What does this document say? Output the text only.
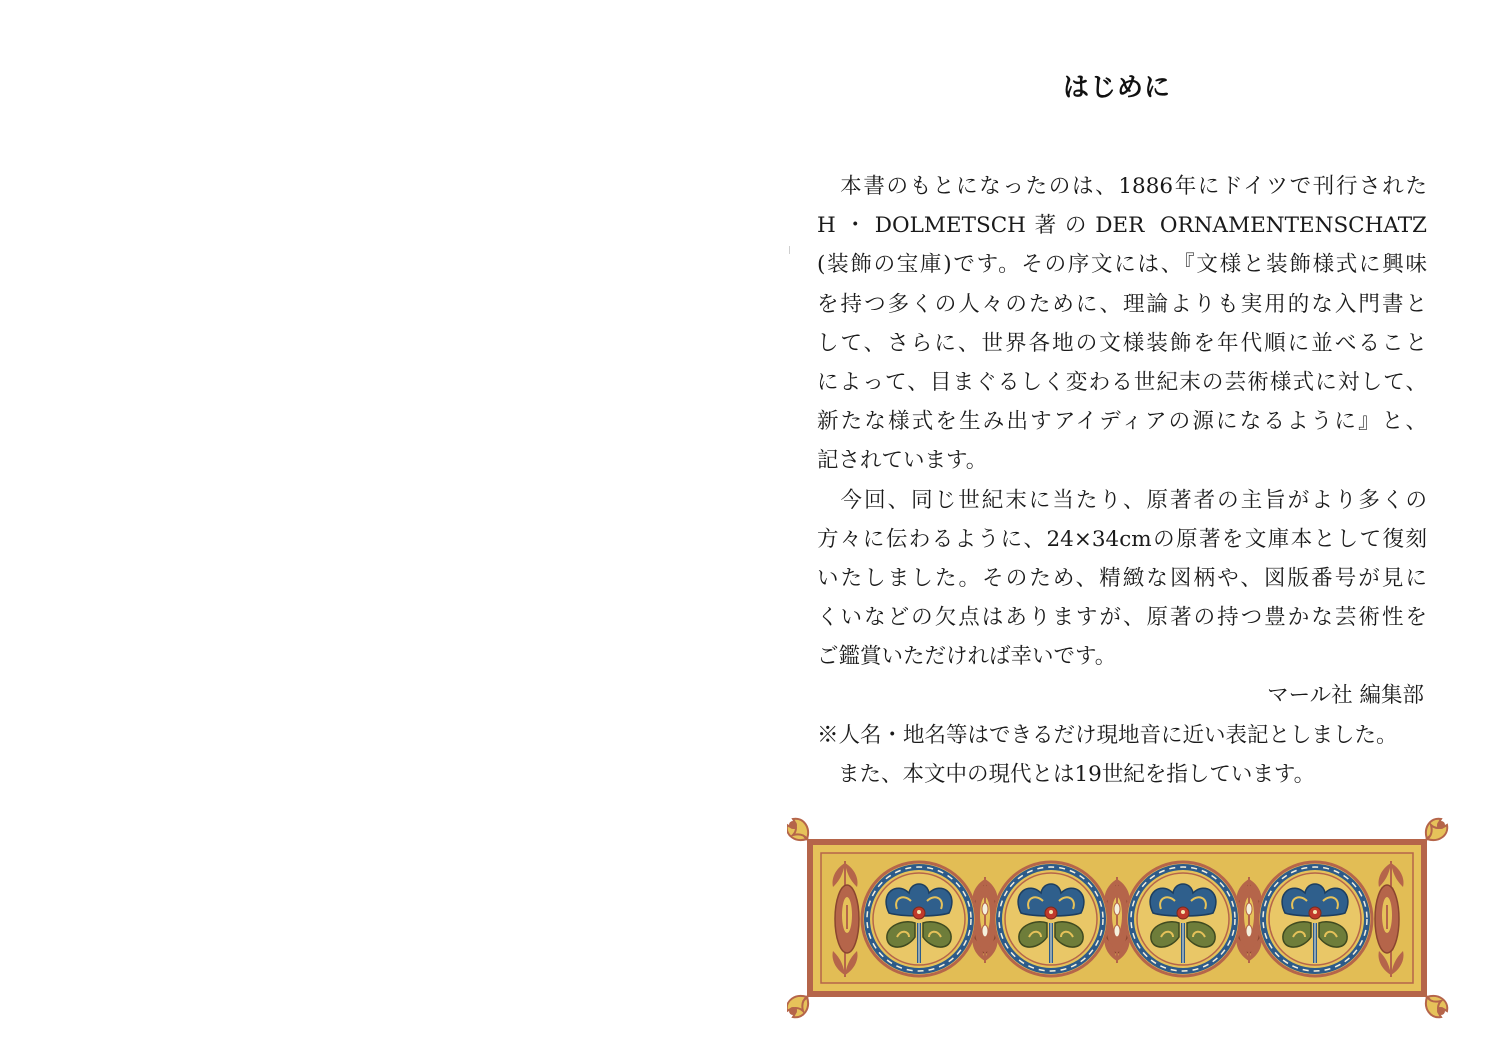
はじめに
　本書のもとになったのは、1886年にドイツで刊行された
H・DOLMETSCH著のDER ORNAMENTENSCHATZ
(装飾の宝庫)です。その序文には、『文様と装飾様式に興味
を持つ多くの人々のために、理論よりも実用的な入門書と
して、さらに、世界各地の文様装飾を年代順に並べること
によって、目まぐるしく変わる世紀末の芸術様式に対して、
新たな様式を生み出すアイディアの源になるように』と、
記されています。
　今回、同じ世紀末に当たり、原著者の主旨がより多くの
方々に伝わるように、24×34cmの原著を文庫本として復刻
いたしました。そのため、精緻な図柄や、図版番号が見に
くいなどの欠点はありますが、原著の持つ豊かな芸術性を
ご鑑賞いただければ幸いです。
マール社 編集部
※人名・地名等はできるだけ現地音に近い表記としました。
また、本文中の現代とは19世紀を指しています。
